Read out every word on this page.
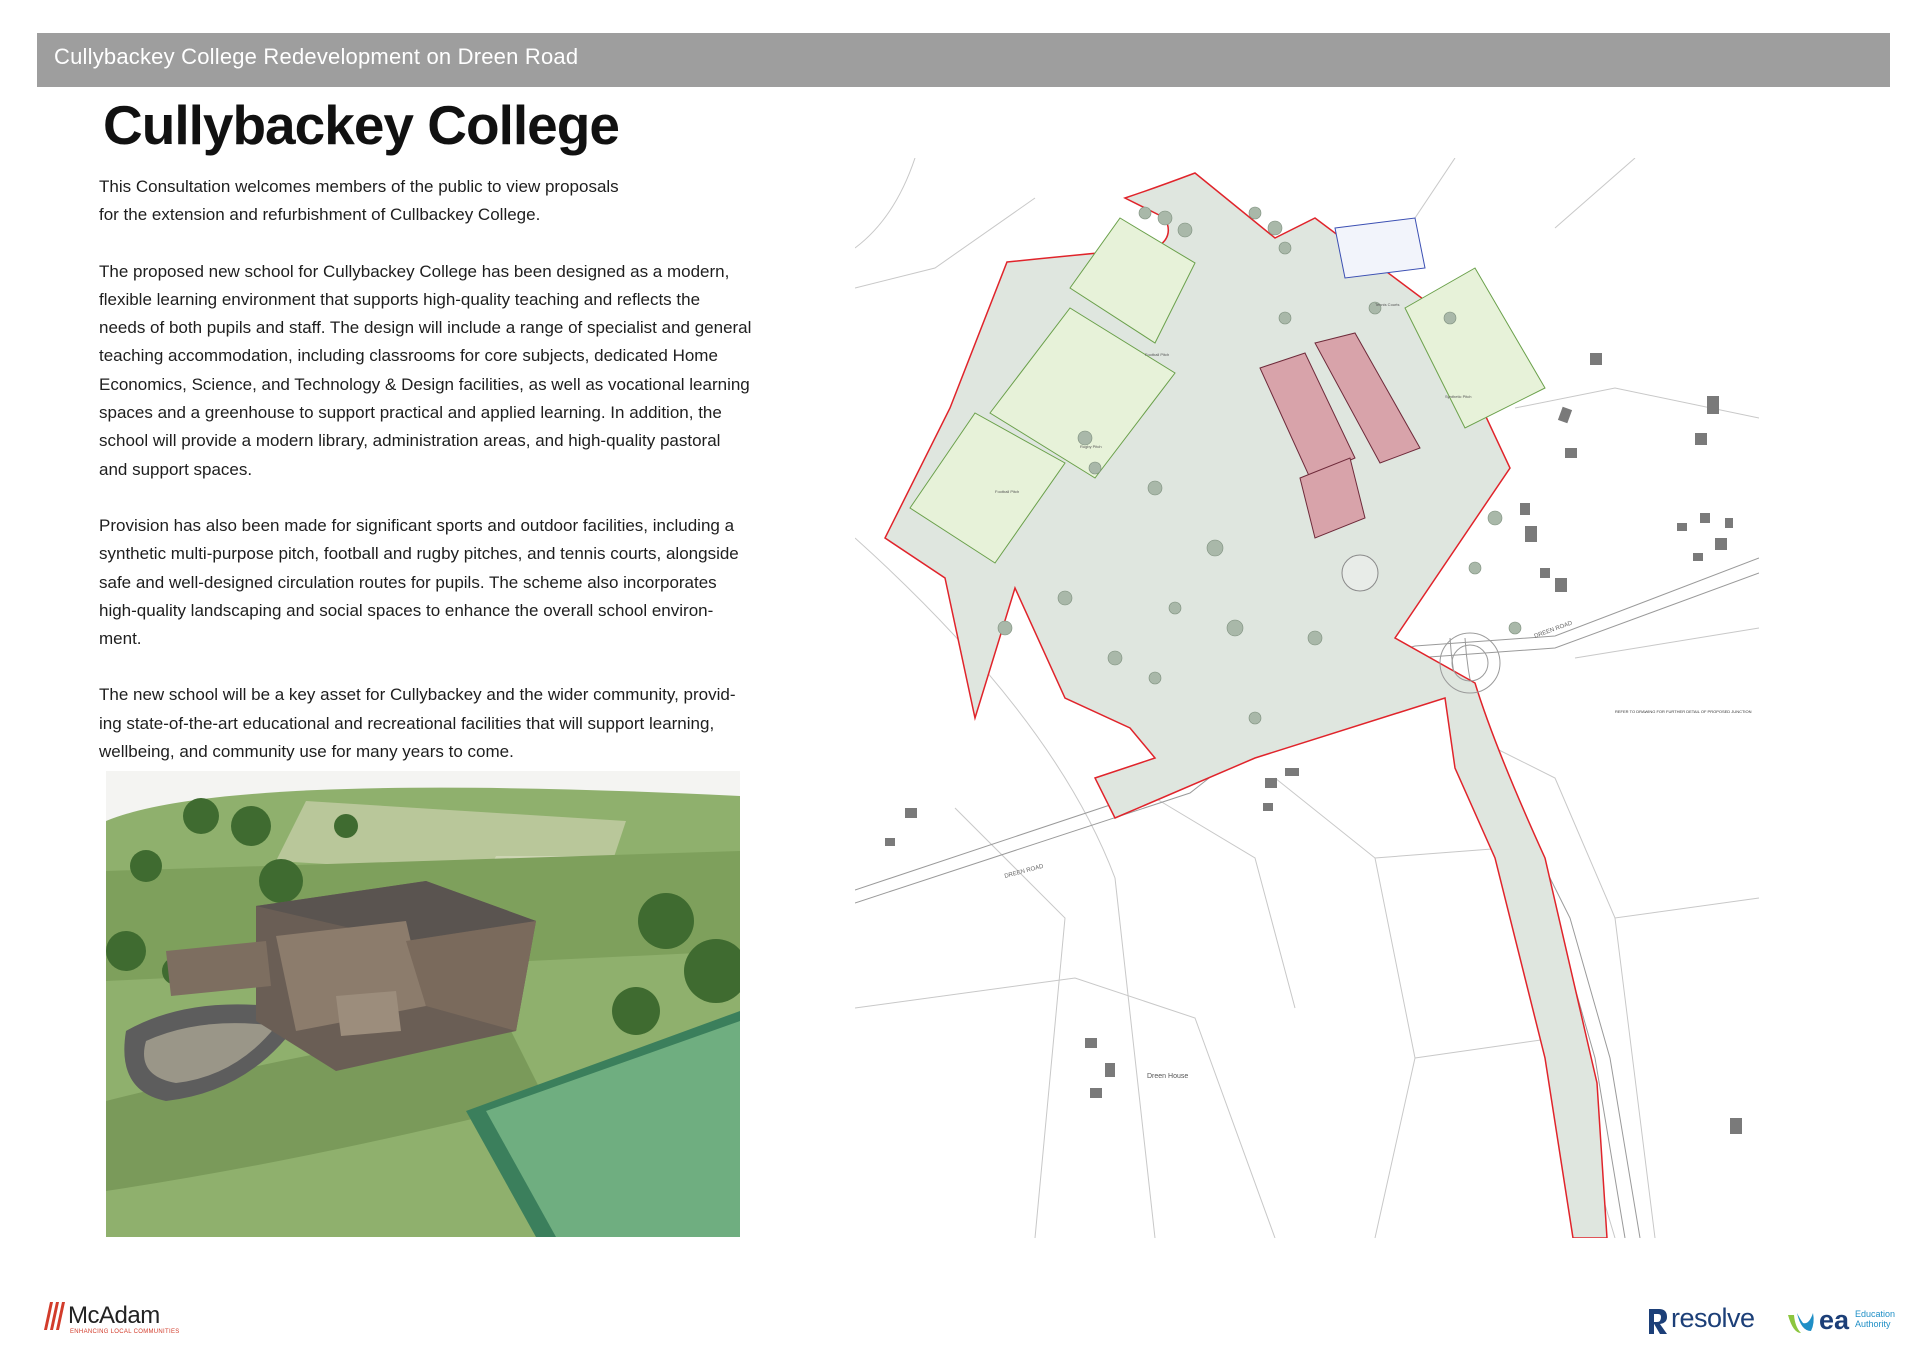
Cullybackey College Redevelopment on Dreen Road
Cullybackey College

This Consultation welcomes members of the public to view proposals
for the extension and refurbishment of Cullbackey College.

The proposed new school for Cullybackey College has been designed as a modern,
flexible learning environment that supports high-quality teaching and reflects the
needs of both pupils and staff. The design will include a range of specialist and general
teaching accommodation, including classrooms for core subjects, dedicated Home
Economics, Science, and Technology & Design facilities, as well as vocational learning
spaces and a greenhouse to support practical and applied learning. In addition, the
school will provide a modern library, administration areas, and high-quality pastoral
and support spaces.

Provision has also been made for significant sports and outdoor facilities, including a
synthetic multi-purpose pitch, football and rugby pitches, and tennis courts, alongside
safe and well-designed circulation routes for pupils. The scheme also incorporates
high-quality landscaping and social spaces to enhance the overall school environ-
ment.

The new school will be a key asset for Cullybackey and the wider community, provid-
ing state-of-the-art educational and recreational facilities that will support learning,
wellbeing, and community use for many years to come.

DREEN ROAD
DREEN ROAD
Dreen House
Football Pitch
Rugby Pitch
Football Pitch
Synthetic Pitch
Tennis Courts
REFER TO DRAWING FOR FURTHER DETAIL OF PROPOSED JUNCTION
McAdam
ENHANCING LOCAL COMMUNITIES	resolve ea Education Authority
